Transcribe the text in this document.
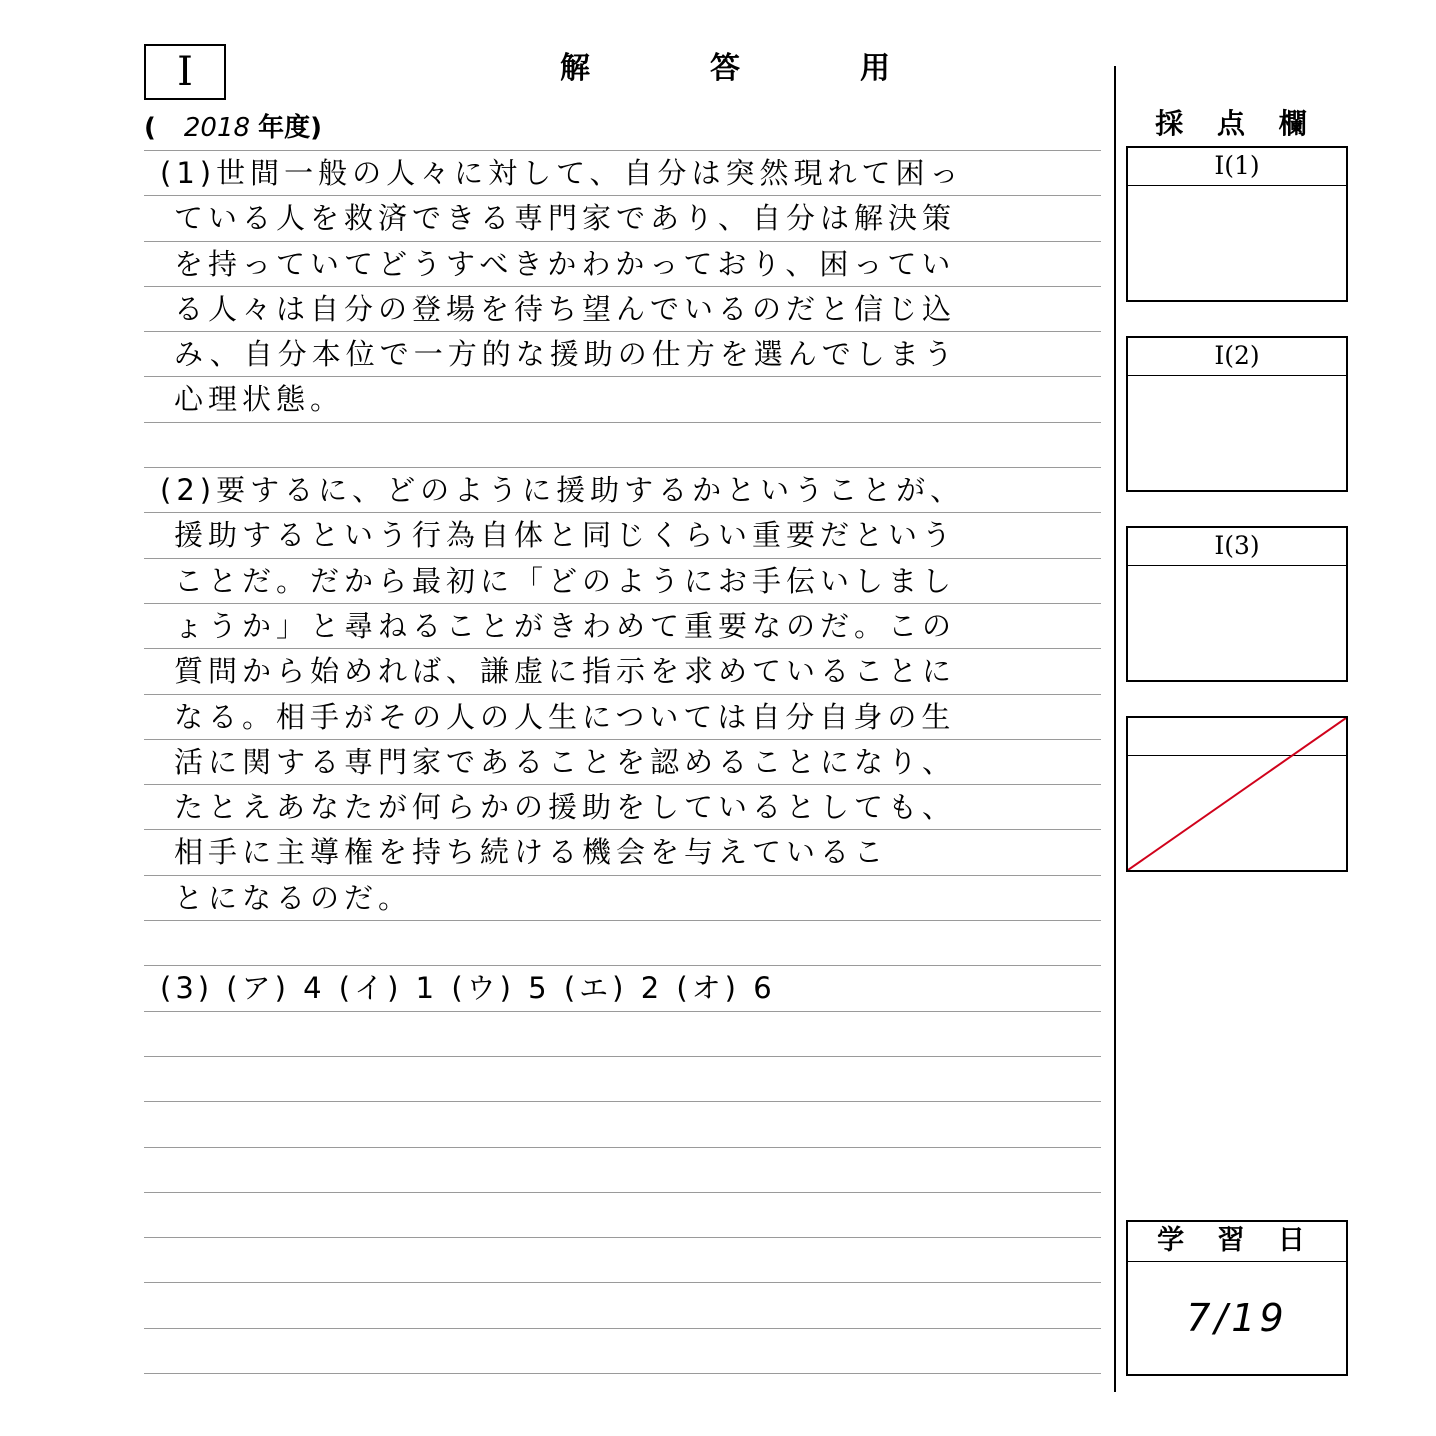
Ⅰ	解	答	用
( 2018 年度)
(1)世間一般の人々に対して、自分は突然現れて困っ
ている人を救済できる専門家であり、自分は解決策
を持っていてどうすべきかわかっており、困ってい
る人々は自分の登場を待ち望んでいるのだと信じ込
み、自分本位で一方的な援助の仕方を選んでしまう
心理状態。
(2)要するに、どのように援助するかということが、
援助するという行為自体と同じくらい重要だという
ことだ。だから最初に「どのようにお手伝いしまし
ょうか」と尋ねることがきわめて重要なのだ。この
質問から始めれば、謙虚に指示を求めていることに
なる。相手がその人の人生については自分自身の生
活に関する専門家であることを認めることになり、
たとえあなたが何らかの援助をしているとしても、
相手に主導権を持ち続ける機会を与えているこ
とになるのだ。
(3) (ア) 4 (イ) 1 (ウ) 5 (エ) 2 (オ) 6
採 点 欄
Ⅰ(1)
Ⅰ(2)
Ⅰ(3)
学 習 日
7/19
